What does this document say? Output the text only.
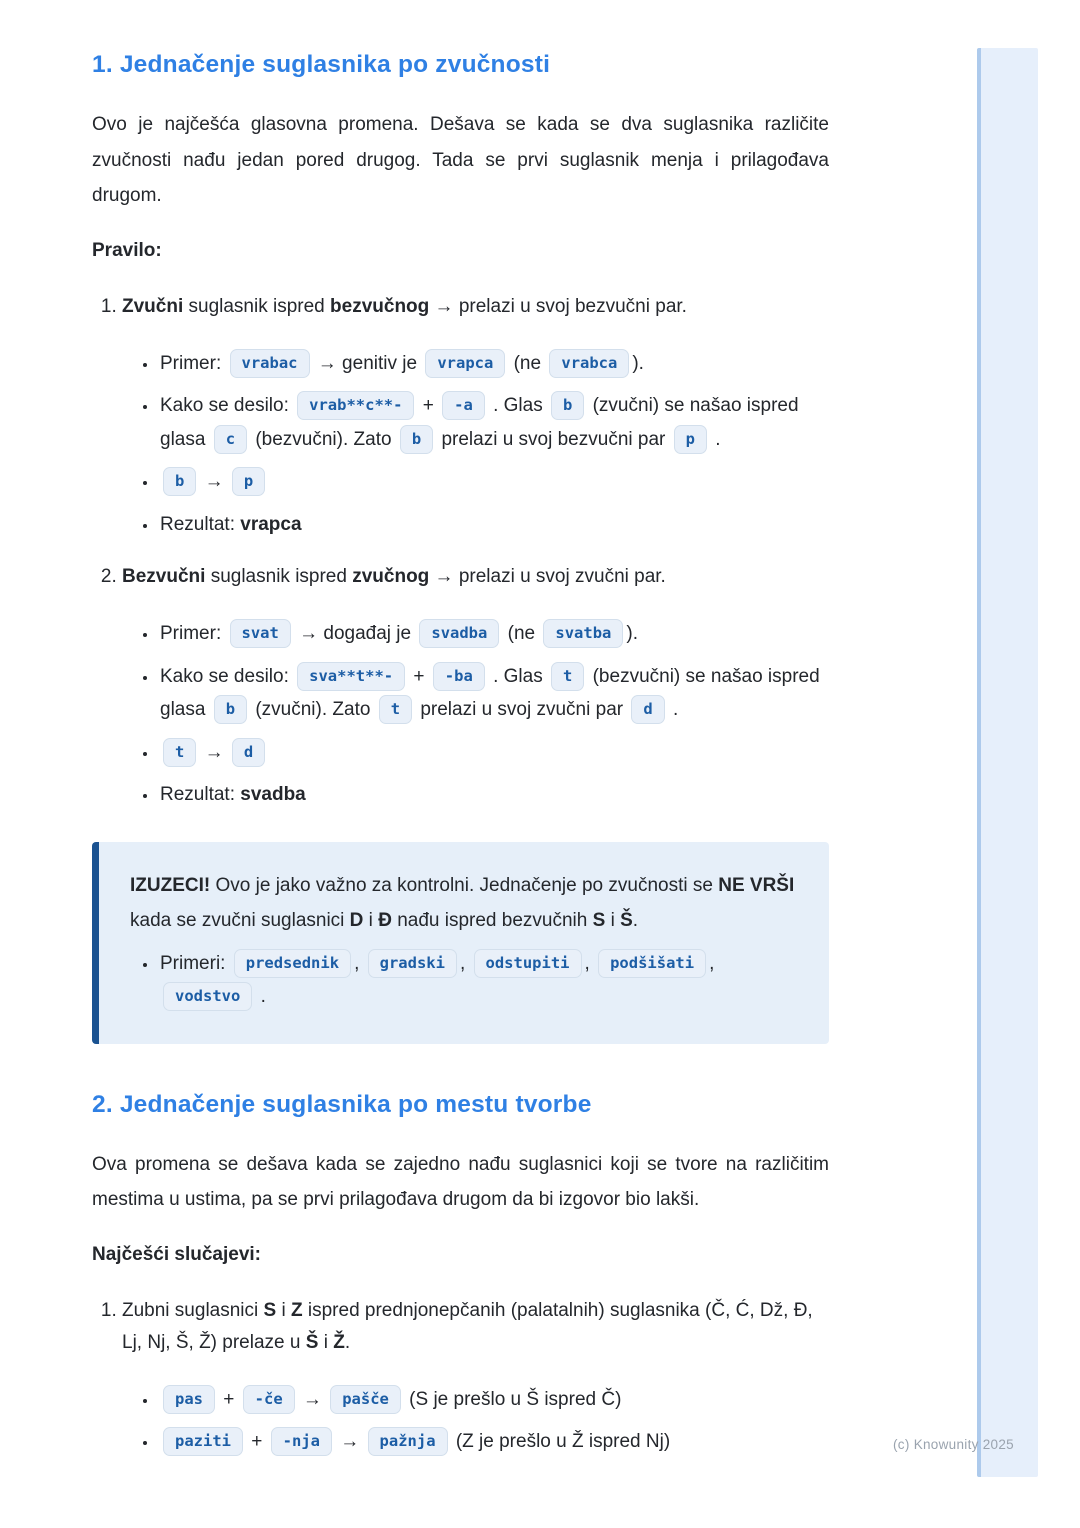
(c) Knowunity 2025
1. Jednačenje suglasnika po zvučnosti

Ovo je najčešća glasovna promena. Dešava se kada se dva suglasnika različite zvučnosti nađu jedan pored drugog. Tada se prvi suglasnik menja i prilagođava drugom.

Pravilo:

1. Zvučni suglasnik ispred bezvučnog → prelazi u svoj bezvučni par.
• Primer: vrabac → genitiv je vrapca (ne vrabca ).
• Kako se desilo: vrab**c**- + -a . Glas b (zvučni) se našao ispred glasa c (bezvučni). Zato b prelazi u svoj bezvučni par p .
• b → p
• Rezultat: vrapca
2. Bezvučni suglasnik ispred zvučnog → prelazi u svoj zvučni par.
• Primer: svat → događaj je svadba (ne svatba ).
• Kako se desilo: sva**t**- + -ba . Glas t (bezvučni) se našao ispred glasa b (zvučni). Zato t prelazi u svoj zvučni par d .
• t → d
• Rezultat: svadba

IZUZECI! Ovo je jako važno za kontrolni. Jednačenje po zvučnosti se NE VRŠI kada se zvučni suglasnici D i Đ nađu ispred bezvučnih S i Š.

• Primeri: predsednik , gradski , odstupiti , podšišati , vodstvo .
2. Jednačenje suglasnika po mestu tvorbe

Ova promena se dešava kada se zajedno nađu suglasnici koji se tvore na različitim mestima u ustima, pa se prvi prilagođava drugom da bi izgovor bio lakši.

Najčešći slučajevi:

1. Zubni suglasnici S i Z ispred prednjonepčanih (palatalnih) suglasnika (Č, Ć, Dž, Đ, Lj, Nj, Š, Ž) prelaze u Š i Ž.
• pas + -če → pašče (S je prešlo u Š ispred Č)
• paziti + -nja → pažnja (Z je prešlo u Ž ispred Nj)
